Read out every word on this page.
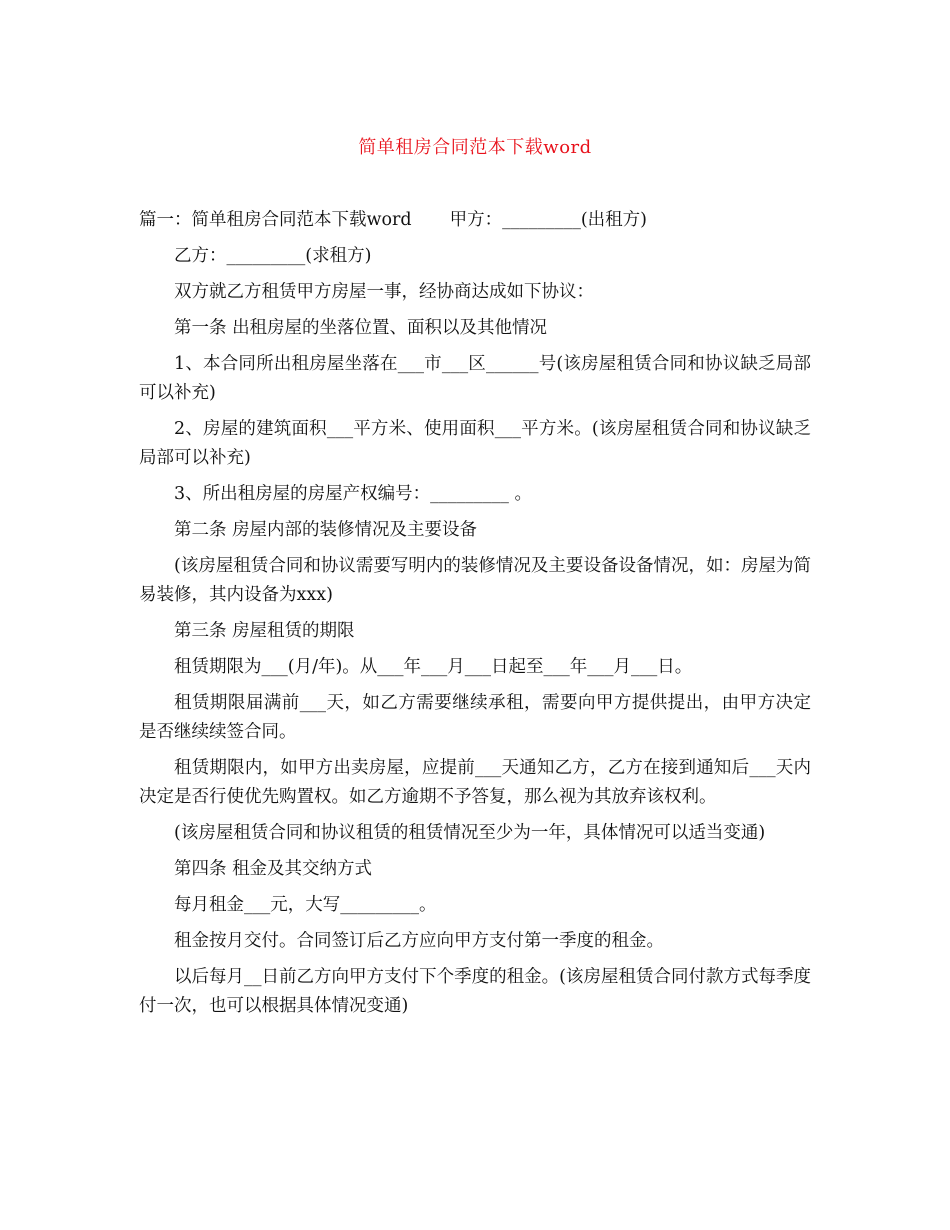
简单租房合同范本下载word

篇一：简单租房合同范本下载word 甲方：_________(出租方)

乙方：_________(求租方)

双方就乙方租赁甲方房屋一事，经协商达成如下协议：

第一条 出租房屋的坐落位置、面积以及其他情况

1、本合同所出租房屋坐落在___市___区______号(该房屋租赁合同和协议缺乏局部可以补充)

2、房屋的建筑面积___平方米、使用面积___平方米。(该房屋租赁合同和协议缺乏局部可以补充)

3、所出租房屋的房屋产权编号：_________ 。

第二条 房屋内部的装修情况及主要设备

(该房屋租赁合同和协议需要写明内的装修情况及主要设备设备情况，如：房屋为简易装修，其内设备为xxx)

第三条 房屋租赁的期限

租赁期限为___(月/年)。从___年___月___日起至___年___月___日。

租赁期限届满前___天，如乙方需要继续承租，需要向甲方提供提出，由甲方决定是否继续续签合同。

租赁期限内，如甲方出卖房屋，应提前___天通知乙方，乙方在接到通知后___天内决定是否行使优先购置权。如乙方逾期不予答复，那么视为其放弃该权利。

(该房屋租赁合同和协议租赁的租赁情况至少为一年，具体情况可以适当变通)

第四条 租金及其交纳方式

每月租金___元，大写_________。

租金按月交付。合同签订后乙方应向甲方支付第一季度的租金。

以后每月__日前乙方向甲方支付下个季度的租金。(该房屋租赁合同付款方式每季度付一次，也可以根据具体情况变通)
